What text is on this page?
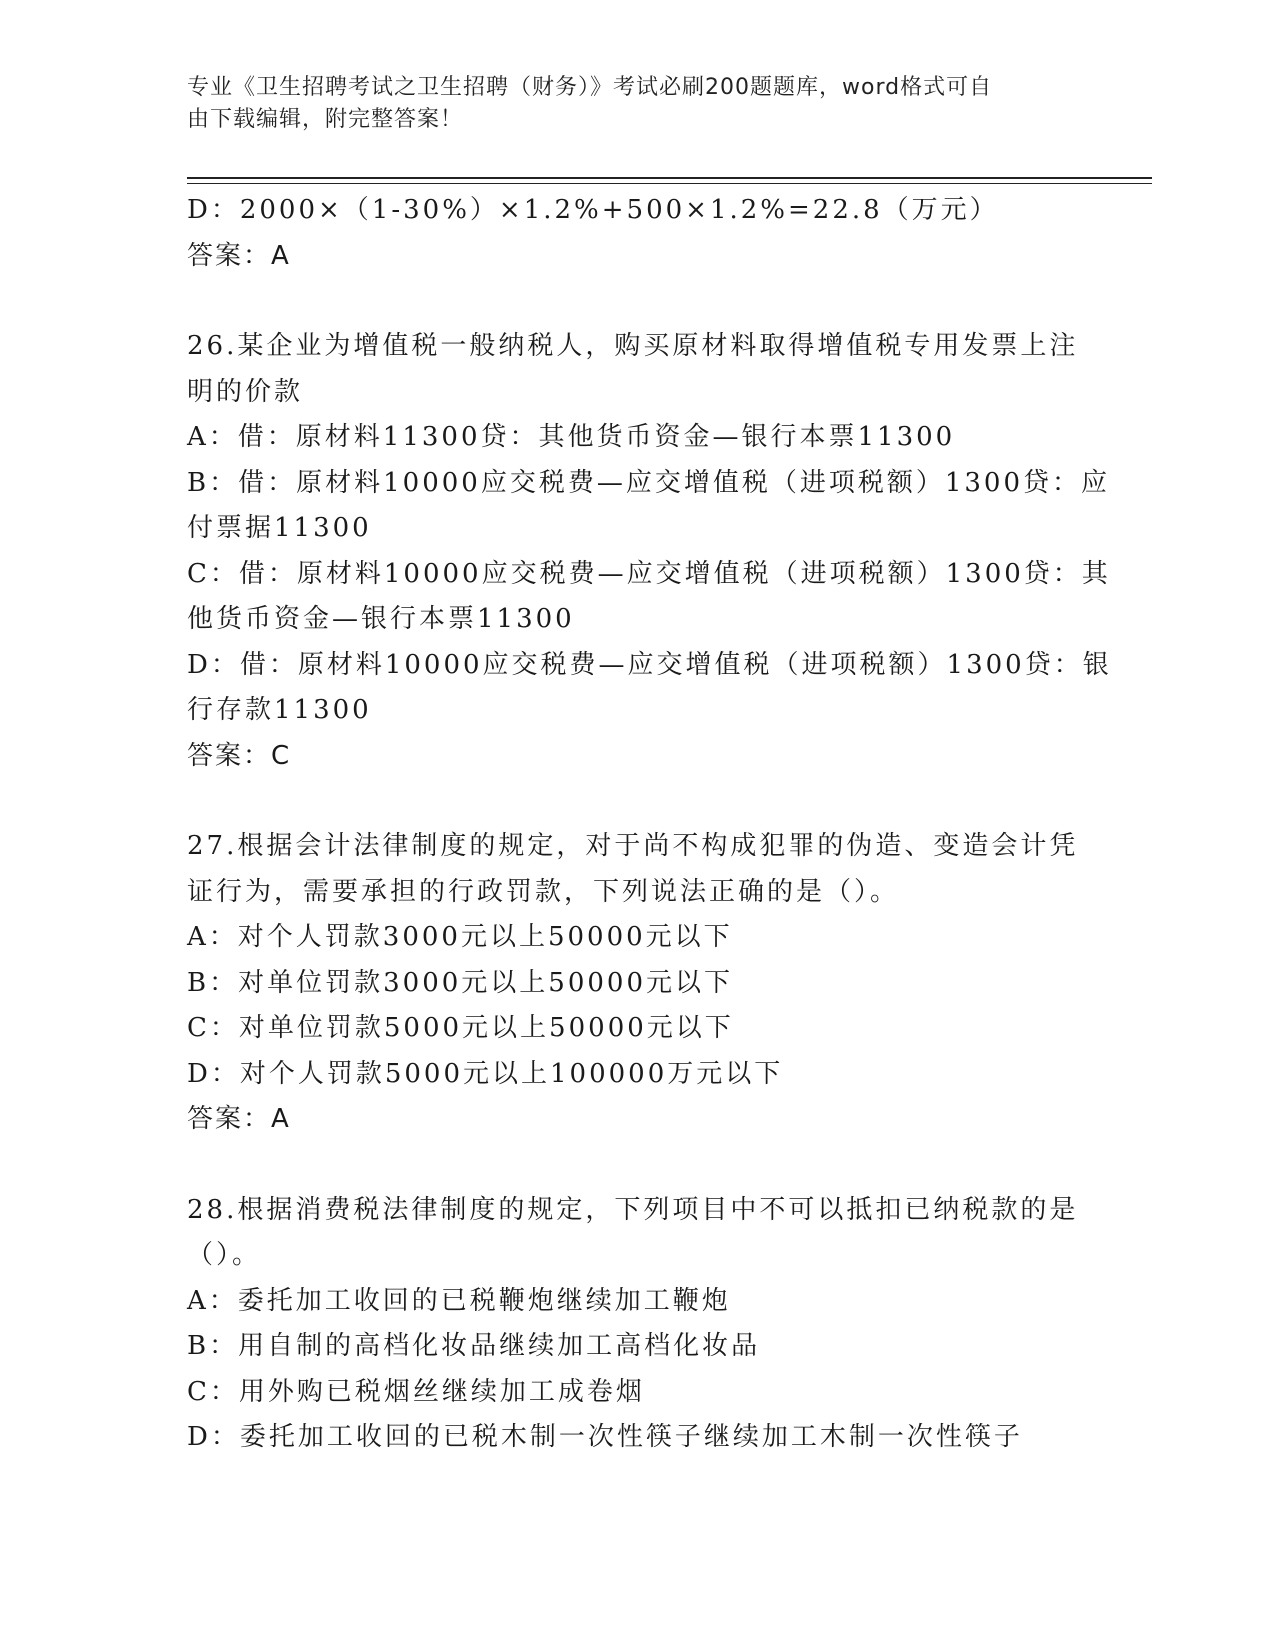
专业《卫生招聘考试之卫生招聘（财务）》考试必刷200题题库，word格式可自
由下载编辑，附完整答案！
D：2000×（1-30%）×1.2%+500×1.2%=22.8（万元）
答案：A
26.某企业为增值税一般纳税人，购买原材料取得增值税专用发票上注
明的价款
A：借：原材料11300贷：其他货币资金—银行本票11300
B：借：原材料10000应交税费—应交增值税（进项税额）1300贷：应
付票据11300
C：借：原材料10000应交税费—应交增值税（进项税额）1300贷：其
他货币资金—银行本票11300
D：借：原材料10000应交税费—应交增值税（进项税额）1300贷：银
行存款11300
答案：C
27.根据会计法律制度的规定，对于尚不构成犯罪的伪造、变造会计凭
证行为，需要承担的行政罚款，下列说法正确的是（）。
A：对个人罚款3000元以上50000元以下
B：对单位罚款3000元以上50000元以下
C：对单位罚款5000元以上50000元以下
D：对个人罚款5000元以上100000万元以下
答案：A
28.根据消费税法律制度的规定，下列项目中不可以抵扣已纳税款的是
（）。
A：委托加工收回的已税鞭炮继续加工鞭炮
B：用自制的高档化妆品继续加工高档化妆品
C：用外购已税烟丝继续加工成卷烟
D：委托加工收回的已税木制一次性筷子继续加工木制一次性筷子
